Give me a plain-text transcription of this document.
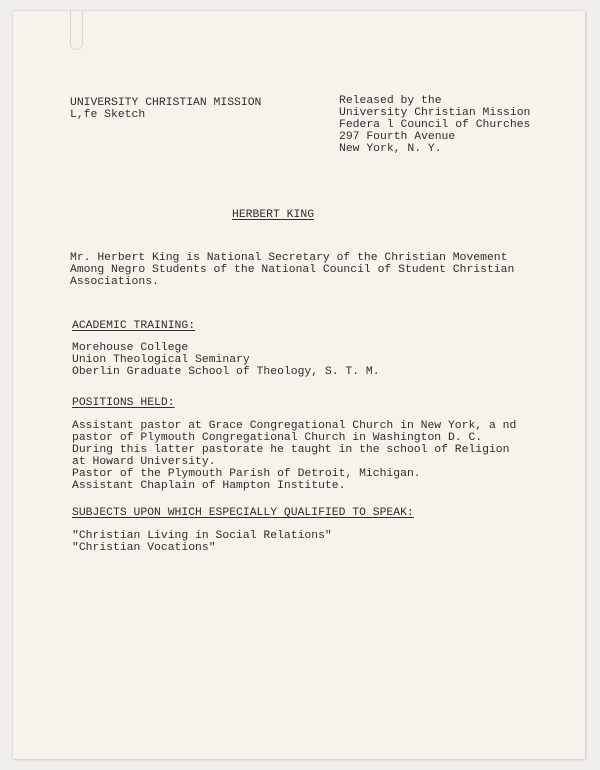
UNIVERSITY CHRISTIAN MISSION
L,fe Sketch
Released by the
University Christian Mission
Federa l Council of Churches
297 Fourth Avenue
New York, N. Y.
HERBERT KING
Mr. Herbert King is National Secretary of the Christian Movement
Among Negro Students of the National Council of Student Christian
Associations.
ACADEMIC TRAINING:
Morehouse College
Union Theological Seminary
Oberlin Graduate School of Theology, S. T. M.
POSITIONS HELD:
Assistant pastor at Grace Congregational Church in New York, a nd
pastor of Plymouth Congregational Church in Washington D. C.
During this latter pastorate he taught in the school of Religion
at Howard University.
Pastor of the Plymouth Parish of Detroit, Michigan.
Assistant Chaplain of Hampton Institute.
SUBJECTS UPON WHICH ESPECIALLY QUALIFIED TO SPEAK:
"Christian Living in Social Relations"
"Christian Vocations"
